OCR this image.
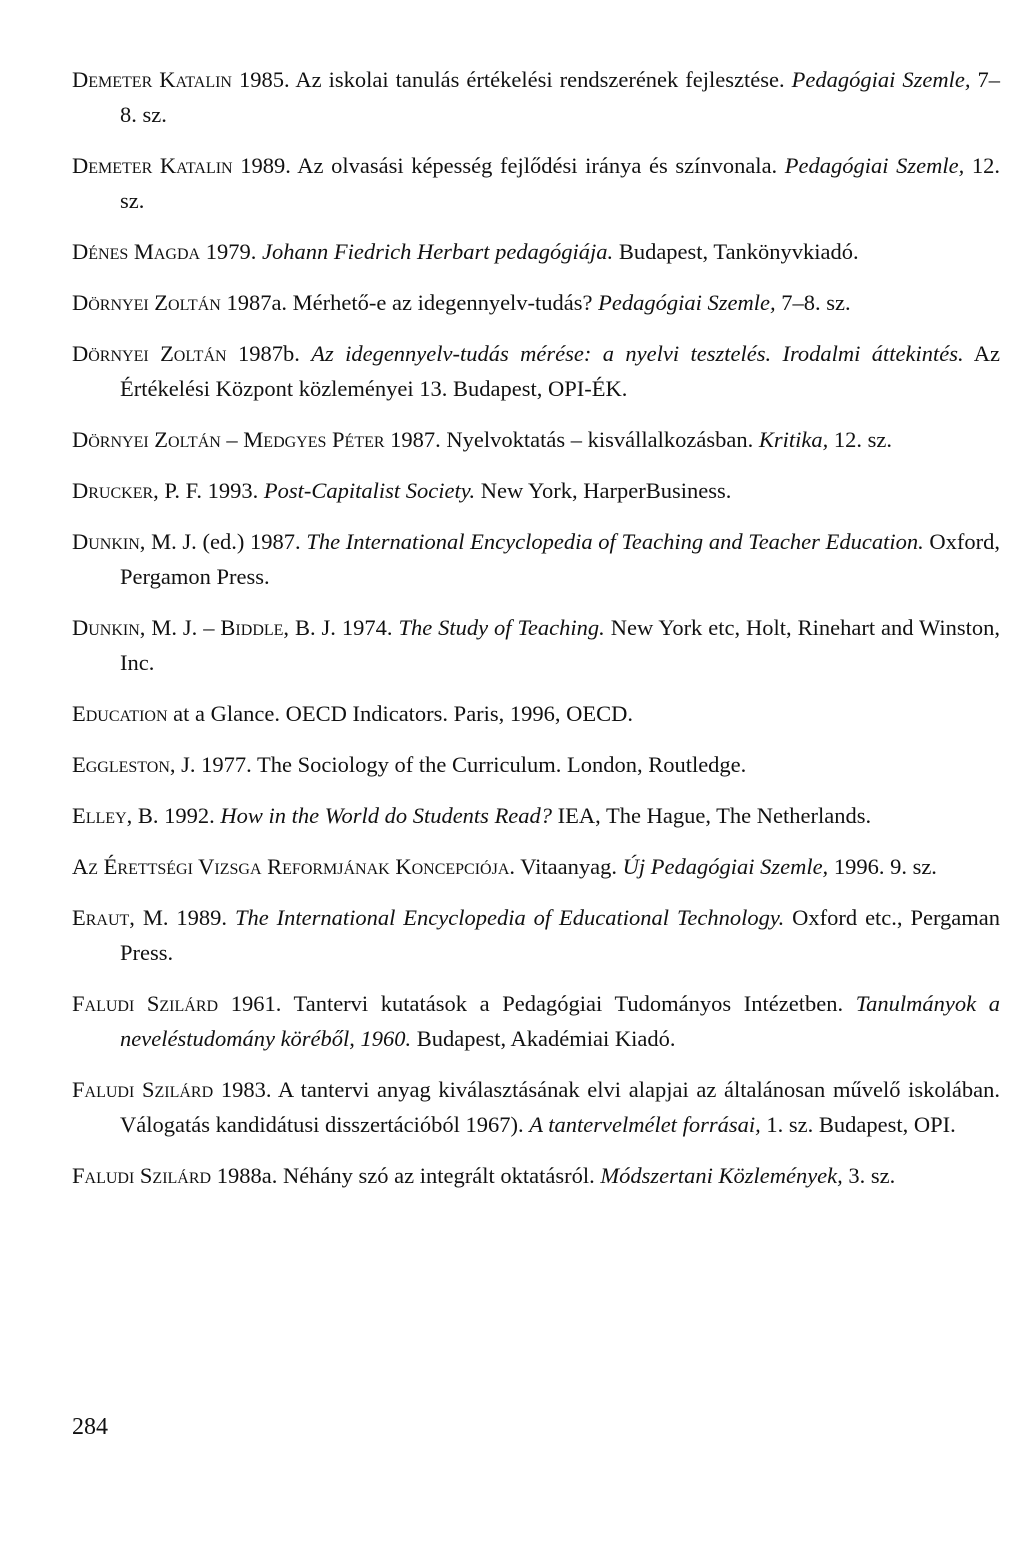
Demeter Katalin 1985. Az iskolai tanulás értékelési rendszerének fejlesztése. Pedagógiai Szemle, 7–8. sz.

Demeter Katalin 1989. Az olvasási képesség fejlődési iránya és színvonala. Pedagógiai Szemle, 12. sz.

Dénes Magda 1979. Johann Fiedrich Herbart pedagógiája. Budapest, Tankönyvkiadó.

Dörnyei Zoltán 1987a. Mérhető-e az idegennyelv-tudás? Pedagógiai Szemle, 7–8. sz.

Dörnyei Zoltán 1987b. Az idegennyelv-tudás mérése: a nyelvi tesztelés. Irodalmi áttekintés. Az Értékelési Központ közleményei 13. Budapest, OPI-ÉK.

Dörnyei Zoltán – Medgyes Péter 1987. Nyelvoktatás – kisvállalkozásban. Kritika, 12. sz.

Drucker, P. F. 1993. Post-Capitalist Society. New York, HarperBusiness.

Dunkin, M. J. (ed.) 1987. The International Encyclopedia of Teaching and Teacher Education. Oxford, Pergamon Press.

Dunkin, M. J. – Biddle, B. J. 1974. The Study of Teaching. New York etc, Holt, Rinehart and Winston, Inc.

Education at a Glance. OECD Indicators. Paris, 1996, OECD.

Eggleston, J. 1977. The Sociology of the Curriculum. London, Routledge.

Elley, B. 1992. How in the World do Students Read? IEA, The Hague, The Netherlands.

Az Érettségi Vizsga Reformjának Koncepciója. Vitaanyag. Új Pedagógiai Szemle, 1996. 9. sz.

Eraut, M. 1989. The International Encyclopedia of Educational Technology. Oxford etc., Pergaman Press.

Faludi Szilárd 1961. Tantervi kutatások a Pedagógiai Tudományos Intézetben. Tanulmányok a neveléstudomány köréből, 1960. Budapest, Akadémiai Kiadó.

Faludi Szilárd 1983. A tantervi anyag kiválasztásának elvi alapjai az általánosan művelő iskolában. Válogatás kandidátusi disszertációból 1967). A tantervelmélet forrásai, 1. sz. Budapest, OPI.

Faludi Szilárd 1988a. Néhány szó az integrált oktatásról. Módszertani Közlemények, 3. sz.

284
